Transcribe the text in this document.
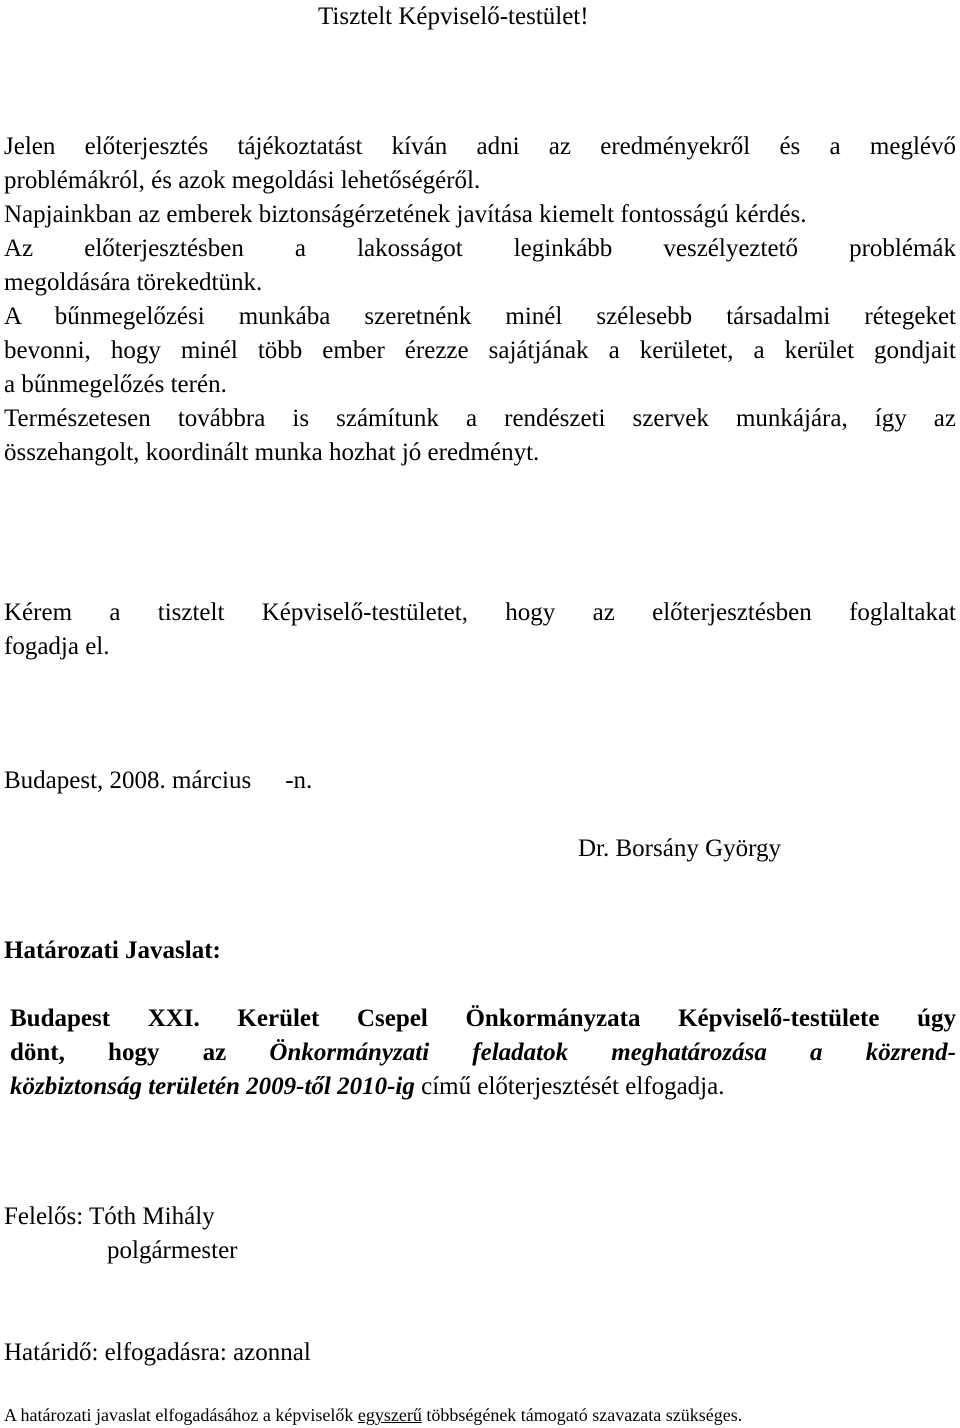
Tisztelt Képviselő-testület!
Jelen előterjesztés tájékoztatást kíván adni az eredményekről és a meglévő
problémákról, és azok megoldási lehetőségéről.
Napjainkban az emberek biztonságérzetének javítása kiemelt fontosságú kérdés.
Az előterjesztésben a lakosságot leginkább veszélyeztető problémák
megoldására törekedtünk.
A bűnmegelőzési munkába szeretnénk minél szélesebb társadalmi rétegeket
bevonni, hogy minél több ember érezze sajátjának a kerületet, a kerület gondjait
a bűnmegelőzés terén.
Természetesen továbbra is számítunk a rendészeti szervek munkájára, így az
összehangolt, koordinált munka hozhat jó eredményt.
Kérem a tisztelt Képviselő-testületet, hogy az előterjesztésben foglaltakat
fogadja el.
Budapest, 2008. március -n.
Dr. Borsány György
Határozati Javaslat:
Budapest XXI. Kerület Csepel Önkormányzata Képviselő-testülete úgy
dönt, hogy az Önkormányzati feladatok meghatározása a közrend-
közbiztonság területén 2009-től 2010-ig című előterjesztését elfogadja.
Felelős: Tóth Mihály
polgármester
Határidő: elfogadásra: azonnal
A határozati javaslat elfogadásához a képviselők egyszerű többségének támogató szavazata szükséges.
